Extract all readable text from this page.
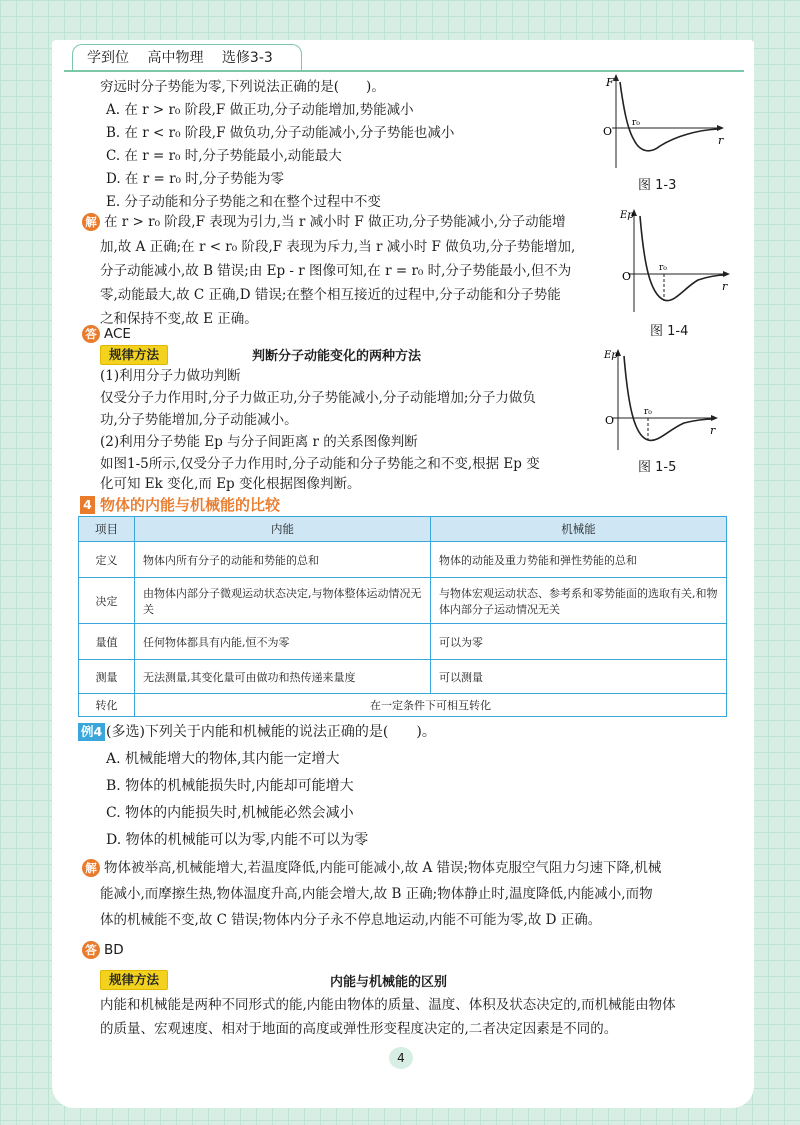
学到位 高中物理 选修3-3
穷远时分子势能为零,下列说法正确的是(　　)。
A. 在 r > r₀ 阶段,F 做正功,分子动能增加,势能减小
B. 在 r < r₀ 阶段,F 做负功,分子动能减小,分子势能也减小
C. 在 r = r₀ 时,分子势能最小,动能最大
D. 在 r = r₀ 时,分子势能为零
E. 分子动能和分子势能之和在整个过程中不变
F
r
O
r₀
图 1-3
解 在 r > r₀ 阶段,F 表现为引力,当 r 减小时 F 做正功,分子势能减小,分子动能增
加,故 A 正确;在 r < r₀ 阶段,F 表现为斥力,当 r 减小时 F 做负功,分子势能增加,
分子动能减小,故 B 错误;由 Ep - r 图像可知,在 r = r₀ 时,分子势能最小,但不为
零,动能最大,故 C 正确,D 错误;在整个相互接近的过程中,分子动能和分子势能
之和保持不变,故 E 正确。
Ep
r
O
r₀
图 1-4
答 ACE
规律方法	判断分子动能变化的两种方法
(1)利用分子力做功判断
仅受分子力作用时,分子力做正功,分子势能减小,分子动能增加;分子力做负
功,分子势能增加,分子动能减小。
(2)利用分子势能 Ep 与分子间距离 r 的关系图像判断
如图1-5所示,仅受分子力作用时,分子动能和分子势能之和不变,根据 Ep 变
化可知 Ek 变化,而 Ep 变化根据图像判断。
Ep
r
O
r₀
图 1-5
4 物体的内能与机械能的比较
项目	内能	机械能
定义	物体内所有分子的动能和势能的总和	物体的动能及重力势能和弹性势能的总和
决定	由物体内部分子微观运动状态决定,与物体整体运动情况无关	与物体宏观运动状态、参考系和零势能面的选取有关,和物体内部分子运动情况无关
量值	任何物体都具有内能,恒不为零	可以为零
测量	无法测量,其变化量可由做功和热传递来量度	可以测量
转化	在一定条件下可相互转化	
例4 (多选)下列关于内能和机械能的说法正确的是(　　)。
A. 机械能增大的物体,其内能一定增大
B. 物体的机械能损失时,内能却可能增大
C. 物体的内能损失时,机械能必然会减小
D. 物体的机械能可以为零,内能不可以为零
解 物体被举高,机械能增大,若温度降低,内能可能减小,故 A 错误;物体克服空气阻力匀速下降,机械
能减小,而摩擦生热,物体温度升高,内能会增大,故 B 正确;物体静止时,温度降低,内能减小,而物
体的机械能不变,故 C 错误;物体内分子永不停息地运动,内能不可能为零,故 D 正确。
答 BD
规律方法	内能与机械能的区别
内能和机械能是两种不同形式的能,内能由物体的质量、温度、体积及状态决定的,而机械能由物体
的质量、宏观速度、相对于地面的高度或弹性形变程度决定的,二者决定因素是不同的。
4
